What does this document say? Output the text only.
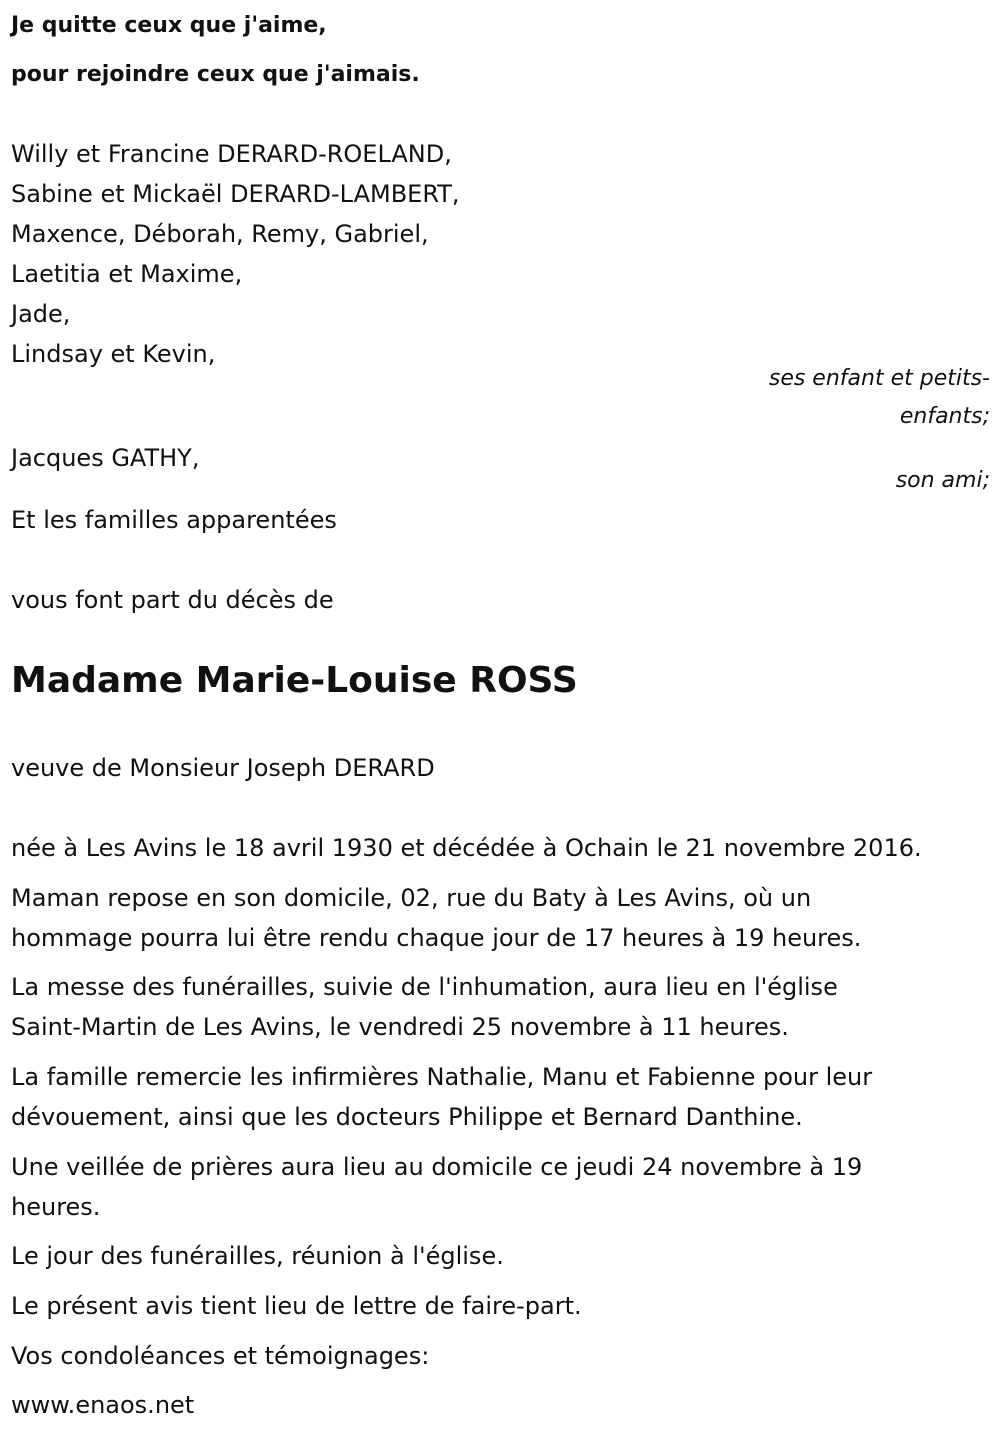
Je quitte ceux que j'aime,
pour rejoindre ceux que j'aimais.
Willy et Francine DERARD-ROELAND,
Sabine et Mickaël DERARD-LAMBERT,
Maxence, Déborah, Remy, Gabriel,
Laetitia et Maxime,
Jade,
Lindsay et Kevin,
ses enfant et petits-
enfants;
Jacques GATHY,
son ami;
Et les familles apparentées
vous font part du décès de
Madame Marie-Louise ROSS
veuve de Monsieur Joseph DERARD
née à Les Avins le 18 avril 1930 et décédée à Ochain le 21 novembre 2016.
Maman repose en son domicile, 02, rue du Baty à Les Avins, où un
hommage pourra lui être rendu chaque jour de 17 heures à 19 heures.
La messe des funérailles, suivie de l'inhumation, aura lieu en l'église
Saint-Martin de Les Avins, le vendredi 25 novembre à 11 heures.
La famille remercie les infirmières Nathalie, Manu et Fabienne pour leur
dévouement, ainsi que les docteurs Philippe et Bernard Danthine.
Une veillée de prières aura lieu au domicile ce jeudi 24 novembre à 19
heures.
Le jour des funérailles, réunion à l'église.
Le présent avis tient lieu de lettre de faire-part.
Vos condoléances et témoignages:
www.enaos.net
